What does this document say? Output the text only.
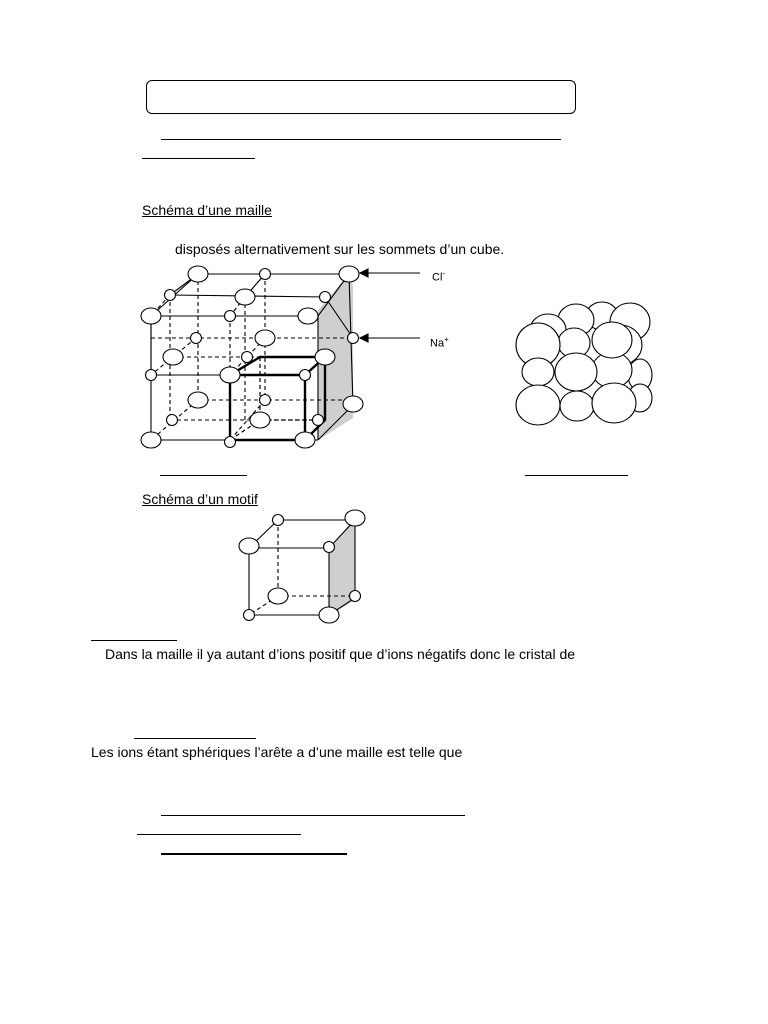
Schéma d’une maille
disposés alternativement sur les sommets d’un cube.
Cl-
Na+
Schéma d’un motif
Dans la maille il ya autant d’ions positif que d’ions négatifs donc le cristal de
Les ions étant sphériques l’arête a d’une maille est telle que
